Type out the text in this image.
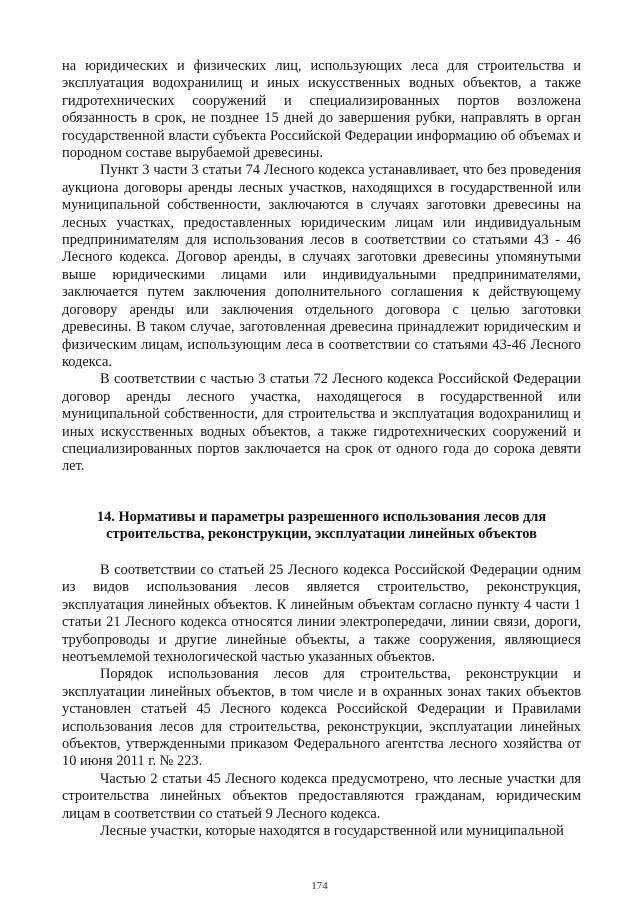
на юридических и физических лиц, использующих леса для строительства и эксплуатация водохранилищ и иных искусственных водных объектов, а также гидротехнических сооружений и специализированных портов возложена обязанность в срок, не позднее 15 дней до завершения рубки, направлять в орган государственной власти субъекта Российской Федерации информацию об объемах и породном составе вырубаемой древесины.

Пункт 3 части 3 статьи 74 Лесного кодекса устанавливает, что без проведения аукциона договоры аренды лесных участков, находящихся в государственной или муниципальной собственности, заключаются в случаях заготовки древесины на лесных участках, предоставленных юридическим лицам или индивидуальным предпринимателям для использования лесов в соответствии со статьями 43 - 46 Лесного кодекса. Договор аренды, в случаях заготовки древесины упомянутыми выше юридическими лицами или индивидуальными предпринимателями, заключается путем заключения дополнительного соглашения к действующему договору аренды или заключения отдельного договора с целью заготовки древесины. В таком случае, заготовленная древесина принадлежит юридическим и физическим лицам, использующим леса в соответствии со статьями 43-46 Лесного кодекса.

В соответствии с частью 3 статьи 72 Лесного кодекса Российской Федерации договор аренды лесного участка, находящегося в государственной или муниципальной собственности, для строительства и эксплуатация водохранилищ и иных искусственных водных объектов, а также гидротехнических сооружений и специализированных портов заключается на срок от одного года до сорока девяти лет.

14. Нормативы и параметры разрешенного использования лесов для строительства, реконструкции, эксплуатации линейных объектов

В соответствии со статьей 25 Лесного кодекса Российской Федерации одним из видов использования лесов является строительство, реконструкция, эксплуатация линейных объектов. К линейным объектам согласно пункту 4 части 1 статьи 21 Лесного кодекса относятся линии электропередачи, линии связи, дороги, трубопроводы и другие линейные объекты, а также сооружения, являющиеся неотъемлемой технологической частью указанных объектов.

Порядок использования лесов для строительства, реконструкции и эксплуатации линейных объектов, в том числе и в охранных зонах таких объектов установлен статьей 45 Лесного кодекса Российской Федерации и Правилами использования лесов для строительства, реконструкции, эксплуатации линейных объектов, утвержденными приказом Федерального агентства лесного хозяйства от 10 июня 2011 г. № 223.

Частью 2 статьи 45 Лесного кодекса предусмотрено, что лесные участки для строительства линейных объектов предоставляются гражданам, юридическим лицам в соответствии со статьей 9 Лесного кодекса.

Лесные участки, которые находятся в государственной или муниципальной

174
